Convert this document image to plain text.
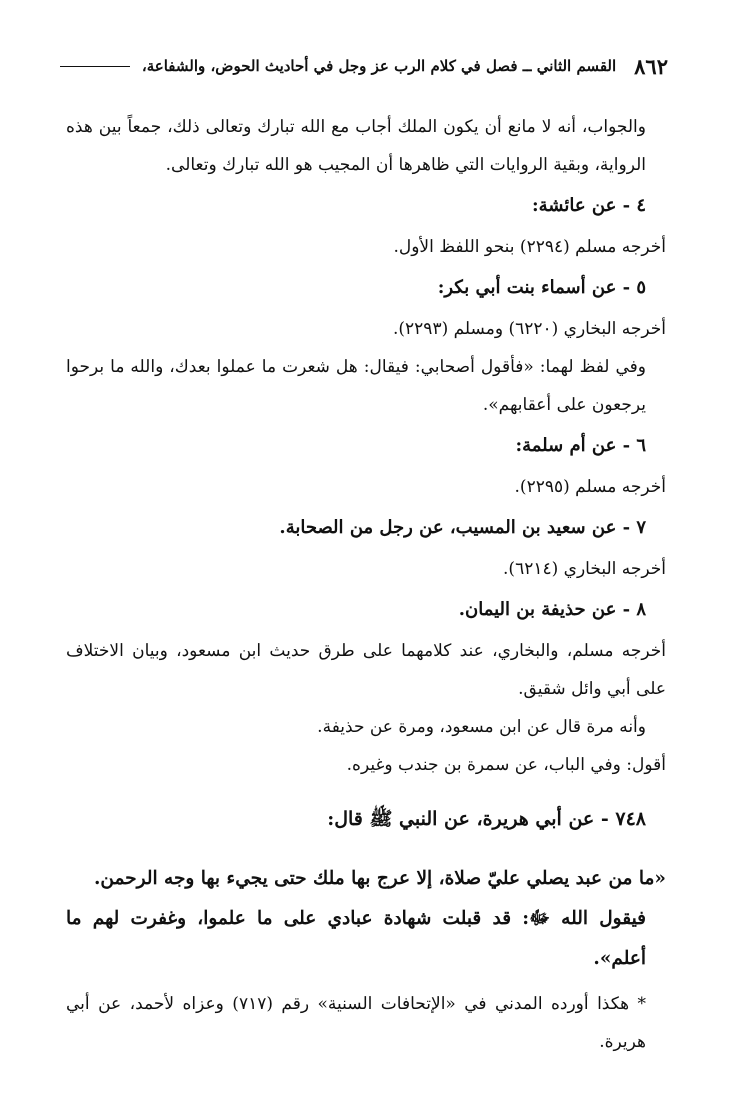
٨٦٢
القسم الثاني ــ فصل في كلام الرب عز وجل في أحاديث الحوض، والشفاعة،

والجواب، أنه لا مانع أن يكون الملك أجاب مع الله تبارك وتعالى ذلك، جمعاً بين هذه الرواية، وبقية الروايات التي ظاهرها أن المجيب هو الله تبارك وتعالى.

٤ - عن عائشة:

أخرجه مسلم (٢٢٩٤) بنحو اللفظ الأول.

٥ - عن أسماء بنت أبي بكر:

أخرجه البخاري (٦٢٢٠) ومسلم (٢٢٩٣).

وفي لفظ لهما: «فأقول أصحابي: فيقال: هل شعرت ما عملوا بعدك، والله ما برحوا يرجعون على أعقابهم».

٦ - عن أم سلمة:

أخرجه مسلم (٢٢٩٥).

٧ - عن سعيد بن المسيب، عن رجل من الصحابة.

أخرجه البخاري (٦٢١٤).

٨ - عن حذيفة بن اليمان.

أخرجه مسلم، والبخاري، عند كلامهما على طرق حديث ابن مسعود، وبيان الاختلاف على أبي وائل شقيق.

وأنه مرة قال عن ابن مسعود، ومرة عن حذيفة.

أقول: وفي الباب، عن سمرة بن جندب وغيره.

٧٤٨ - عن أبي هريرة، عن النبي ﷺ قال:

«ما من عبد يصلي عليّ صلاة، إلا عرج بها ملك حتى يجيء بها وجه الرحمن.

فيقول الله ﷻ: قد قبلت شهادة عبادي على ما علموا، وغفرت لهم ما أعلم».

* هكذا أورده المدني في «الإتحافات السنية» رقم (٧١٧) وعزاه لأحمد، عن أبي هريرة.
